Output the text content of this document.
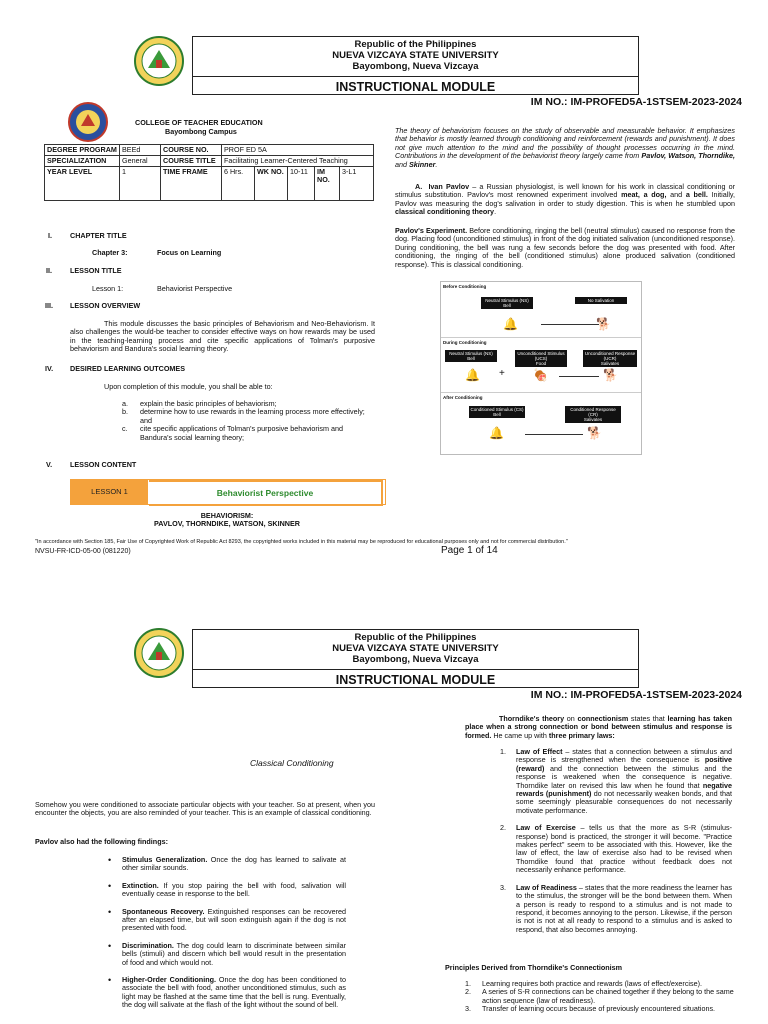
Republic of the Philippines
NUEVA VIZCAYA STATE UNIVERSITY
Bayombong, Nueva Vizcaya
INSTRUCTIONAL MODULE
IM NO.: IM-PROFED5A-1STSEM-2023-2024
COLLEGE OF TEACHER EDUCATION
Bayombong Campus
DEGREE PROGRAM	BEEd	COURSE NO.	PROF ED 5A				
SPECIALIZATION	General	COURSE TITLE	Facilitating Learner-Centered Teaching				
YEAR LEVEL	1	TIME FRAME	6 Hrs.	WK NO.	10-11	IM NO.	3-L1
I.	CHAPTER TITLE
Chapter 3:	Focus on Learning
II.	LESSON TITLE
Lesson 1:	Behaviorist Perspective
III. LESSON OVERVIEW
This module discusses the basic principles of Behaviorism and Neo-Behaviorism. It also challenges the would-be teacher to consider effective ways on how rewards may be used in the teaching-learning process and cite specific applications of Tolman's purposive behaviorism and Bandura's social learning theory.
IV. DESIRED LEARNING OUTCOMES
Upon completion of this module, you shall be able to:
a. explain the basic principles of behaviorism;
b. determine how to use rewards in the learning process more effectively; and
c. cite specific applications of Tolman's purposive behaviorism and Bandura's social learning theory;
V. LESSON CONTENT
LESSON 1	Behaviorist Perspective
BEHAVIORISM:
PAVLOV, THORNDIKE, WATSON, SKINNER
The theory of behaviorism focuses on the study of observable and measurable behavior. It emphasizes that behavior is mostly learned through conditioning and reinforcement (rewards and punishment). It does not give much attention to the mind and the possibility of thought processes occurring in the mind. Contributions in the development of the behaviorist theory largely came from Pavlov, Watson, Thorndike, and Skinner.
A. Ivan Pavlov – a Russian physiologist, is well known for his work in classical conditioning or stimulus substitution. Pavlov's most renowned experiment involved meat, a dog, and a bell. Initially, Pavlov was measuring the dog's salivation in order to study digestion. This is when he stumbled upon classical conditioning theory.
Pavlov's Experiment. Before conditioning, ringing the bell (neutral stimulus) caused no response from the dog. Placing food (unconditioned stimulus) in front of the dog initiated salivation (unconditioned response). During conditioning, the bell was rung a few seconds before the dog was presented with food. After conditioning, the ringing of the bell (conditioned stimulus) alone produced salivation (conditioned response). This is classical conditioning.
Before Conditioning
Neutral Stimulus (NS)
Bell
No Salivation
🔔	🐕
During Conditioning
Neutral Stimulus (NS)
Bell
Unconditioned Stimulus (UCS)
Food
Unconditioned Response (UCR)
Salivates
🔔 + 🍖	🐕
After Conditioning
Conditioned Stimulus (CS)
Bell
Conditioned Response (CR)
Salivates
🔔	🐕
"In accordance with Section 185, Fair Use of Copyrighted Work of Republic Act 8293, the copyrighted works included in this material may be reproduced for educational purposes only and not for commercial distribution."
NVSU-FR-ICD-05-00 (081220)	Page 1 of 14
Republic of the Philippines
NUEVA VIZCAYA STATE UNIVERSITY
Bayombong, Nueva Vizcaya
INSTRUCTIONAL MODULE
IM NO.: IM-PROFED5A-1STSEM-2023-2024
Classical Conditioning
Somehow you were conditioned to associate particular objects with your teacher. So at present, when you encounter the objects, you are also reminded of your teacher. This is an example of classical conditioning.
Pavlov also had the following findings:
• Stimulus Generalization. Once the dog has learned to salivate at other similar sounds.
• Extinction. If you stop pairing the bell with food, salivation will eventually cease in response to the bell.
• Spontaneous Recovery. Extinguished responses can be recovered after an elapsed time, but will soon extinguish again if the dog is not presented with food.
• Discrimination. The dog could learn to discriminate between similar bells (stimuli) and discern which bell would result in the presentation of food and which would not.
• Higher-Order Conditioning. Once the dog has been conditioned to associate the bell with food, another unconditioned stimulus, such as light may be flashed at the same time that the bell is rung. Eventually, the dog will salivate at the flash of the light without the sound of bell.
Thorndike's theory on connectionism states that learning has taken place when a strong connection or bond between stimulus and response is formed. He came up with three primary laws:
1. Law of Effect – states that a connection between a stimulus and response is strengthened when the consequence is positive (reward) and the connection between the stimulus and the response is weakened when the consequence is negative. Thorndike later on revised this law when he found that negative rewards (punishment) do not necessarily weaken bonds, and that some seemingly pleasurable consequences do not necessarily motivate performance.
2. Law of Exercise – tells us that the more as S-R (stimulus-response) bond is practiced, the stronger it will become. "Practice makes perfect" seem to be associated with this. However, like the law of effect, the law of exercise also had to be revised when Thorndike found that practice without feedback does not necessarily enhance performance.
3. Law of Readiness – states that the more readiness the learner has to the stimulus, the stronger will be the bond between them. When a person is ready to respond to a stimulus and is not made to respond, it becomes annoying to the person. Likewise, if the person is not is not at all ready to respond to a stimulus and is asked to respond, that also becomes annoying.
Principles Derived from Thorndike's Connectionism
1. Learning requires both practice and rewards (laws of effect/exercise).
2. A series of S-R connections can be chained together if they belong to the same action sequence (law of readiness).
3. Transfer of learning occurs because of previously encountered situations.
